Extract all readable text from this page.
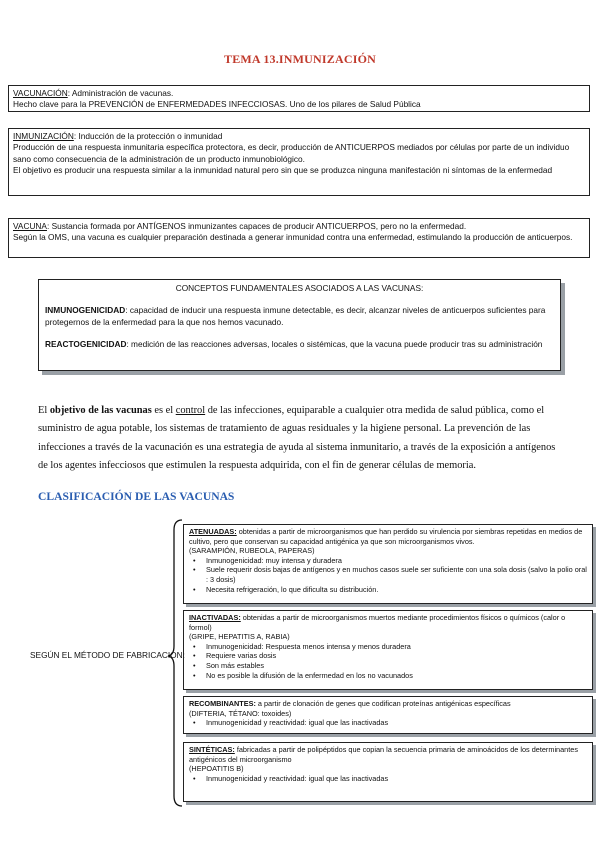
TEMA 13.INMUNIZACIÓN

VACUNACIÓN: Administración de vacunas.

Hecho clave para la PREVENCIÓN de ENFERMEDADES INFECCIOSAS. Uno de los pilares de Salud Pública

INMUNIZACIÓN: Inducción de la protección o inmunidad

Producción de una respuesta inmunitaria específica protectora, es decir, producción de ANTICUERPOS mediados por células por parte de un individuo sano como consecuencia de la administración de un producto inmunobiológico.

El objetivo es producir una respuesta similar a la inmunidad natural pero sin que se produzca ninguna manifestación ni síntomas de la enfermedad

VACUNA: Sustancia formada por ANTÍGENOS inmunizantes capaces de producir ANTICUERPOS, pero no la enfermedad.

Según la OMS, una vacuna es cualquier preparación destinada a generar inmunidad contra una enfermedad, estimulando la producción de anticuerpos.

CONCEPTOS FUNDAMENTALES ASOCIADOS A LAS VACUNAS:

INMUNOGENICIDAD: capacidad de inducir una respuesta inmune detectable, es decir, alcanzar niveles de anticuerpos suficientes para protegernos de la enfermedad para la que nos hemos vacunado.

REACTOGENICIDAD: medición de las reacciones adversas, locales o sistémicas, que la vacuna puede producir tras su administración

El objetivo de las vacunas es el control de las infecciones, equiparable a cualquier otra medida de salud pública, como el suministro de agua potable, los sistemas de tratamiento de aguas residuales y la higiene personal. La prevención de las infecciones a través de la vacunación es una estrategia de ayuda al sistema inmunitario, a través de la exposición a antígenos de los agentes infecciosos que estimulen la respuesta adquirida, con el fin de generar células de memoria.

CLASIFICACIÓN DE LAS VACUNAS
SEGÚN EL MÉTODO DE FABRICACIÓN:

ATENUADAS: obtenidas a partir de microorganismos que han perdido su virulencia por siembras repetidas en medios de cultivo, pero que conservan su capacidad antigénica ya que son microorganismos vivos.

(SARAMPIÓN, RUBEOLA, PAPERAS)

• Inmunogenicidad: muy intensa y duradera
• Suele requerir dosis bajas de antígenos y en muchos casos suele ser suficiente con una sola dosis (salvo la polio oral : 3 dosis)
• Necesita refrigeración, lo que dificulta su distribución.

INACTIVADAS: obtenidas a partir de microorganismos muertos mediante procedimientos físicos o químicos (calor o formol)

(GRIPE, HEPATITIS A, RABIA)

• Inmunogenicidad: Respuesta menos intensa y menos duradera
• Requiere varias dosis
• Son más estables
• No es posible la difusión de la enfermedad en los no vacunados

RECOMBINANTES: a partir de clonación de genes que codifican proteínas antigénicas específicas

(DIFTERIA, TÉTANO: toxoides)

• Inmunogenicidad y reactividad: igual que las inactivadas

SINTÉTICAS: fabricadas a partir de polipéptidos que copian la secuencia primaria de aminoácidos de los determinantes antigénicos del microorganismo

(HEPOATITIS B)

• Inmunogenicidad y reactividad: igual que las inactivadas
